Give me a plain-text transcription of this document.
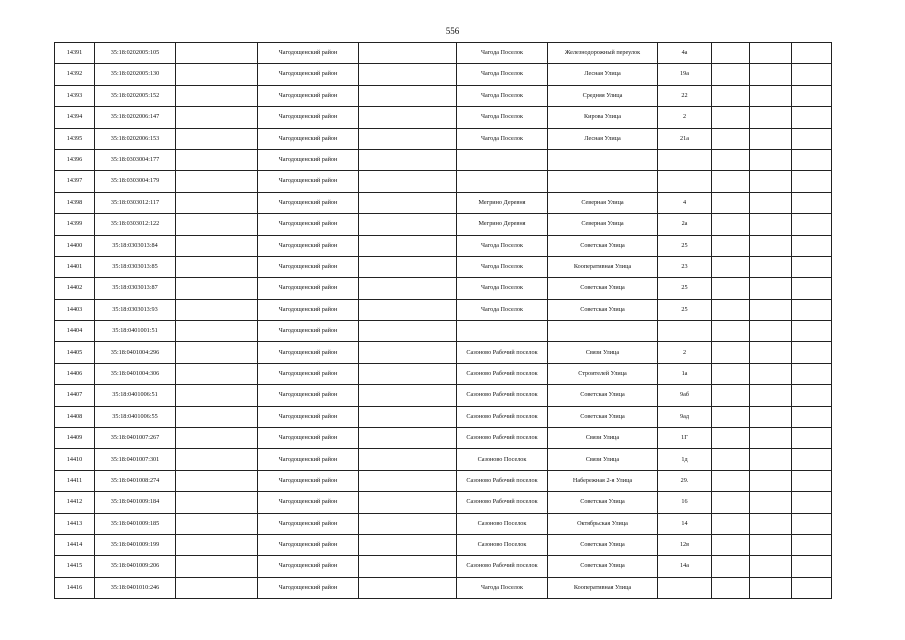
556
14391	35:18:0202005:105		Чагодощенский район		Чагода Поселок	Железнодорожный переулок	4а			
14392	35:18:0202005:130		Чагодощенский район		Чагода Поселок	Лесная Улица	19а			
14393	35:18:0202005:152		Чагодощенский район		Чагода Поселок	Средняя Улица	22			
14394	35:18:0202006:147		Чагодощенский район		Чагода Поселок	Кирова Улица	2			
14395	35:18:0202006:153		Чагодощенский район		Чагода Поселок	Лесная Улица	21а			
14396	35:18:0303004:177		Чагодощенский район							
14397	35:18:0303004:179		Чагодощенский район							
14398	35:18:0303012:117		Чагодощенский район		Мегрино Деревня	Северная Улица	4			
14399	35:18:0303012:122		Чагодощенский район		Мегрино Деревня	Северная Улица	2а			
14400	35:18:0303013:84		Чагодощенский район		Чагода Поселок	Советская Улица	25			
14401	35:18:0303013:85		Чагодощенский район		Чагода Поселок	Кооперативная Улица	23			
14402	35:18:0303013:87		Чагодощенский район		Чагода Поселок	Советская Улица	25			
14403	35:18:0303013:93		Чагодощенский район		Чагода Поселок	Советская Улица	25			
14404	35:18:0401001:51		Чагодощенский район							
14405	35:18:0401004:296		Чагодощенский район		Сазоново Рабочий поселок	Связи Улица	2			
14406	35:18:0401004:306		Чагодощенский район		Сазоново Рабочий поселок	Строителей Улица	1а			
14407	35:18:0401006:51		Чагодощенский район		Сазоново Рабочий поселок	Советская Улица	9аб			
14408	35:18:0401006:55		Чагодощенский район		Сазоново Рабочий поселок	Советская Улица	9ад			
14409	35:18:0401007:267		Чагодощенский район		Сазоново Рабочий поселок	Связи Улица	1Г			
14410	35:18:0401007:301		Чагодощенский район		Сазоново Поселок	Связи Улица	1д			
14411	35:18:0401008:274		Чагодощенский район		Сазоново Рабочий поселок	Набережная 2-я Улица	29.			
14412	35:18:0401009:184		Чагодощенский район		Сазоново Рабочий поселок	Советская Улица	16			
14413	35:18:0401009:185		Чагодощенский район		Сазоново Поселок	Октябрьская Улица	14			
14414	35:18:0401009:199		Чагодощенский район		Сазоново Поселок	Советская Улица	12в			
14415	35:18:0401009:206		Чагодощенский район		Сазоново Рабочий поселок	Советская Улица	14а			
14416	35:18:0401010:246		Чагодощенский район		Чагода Поселок	Кооперативная Улица				
